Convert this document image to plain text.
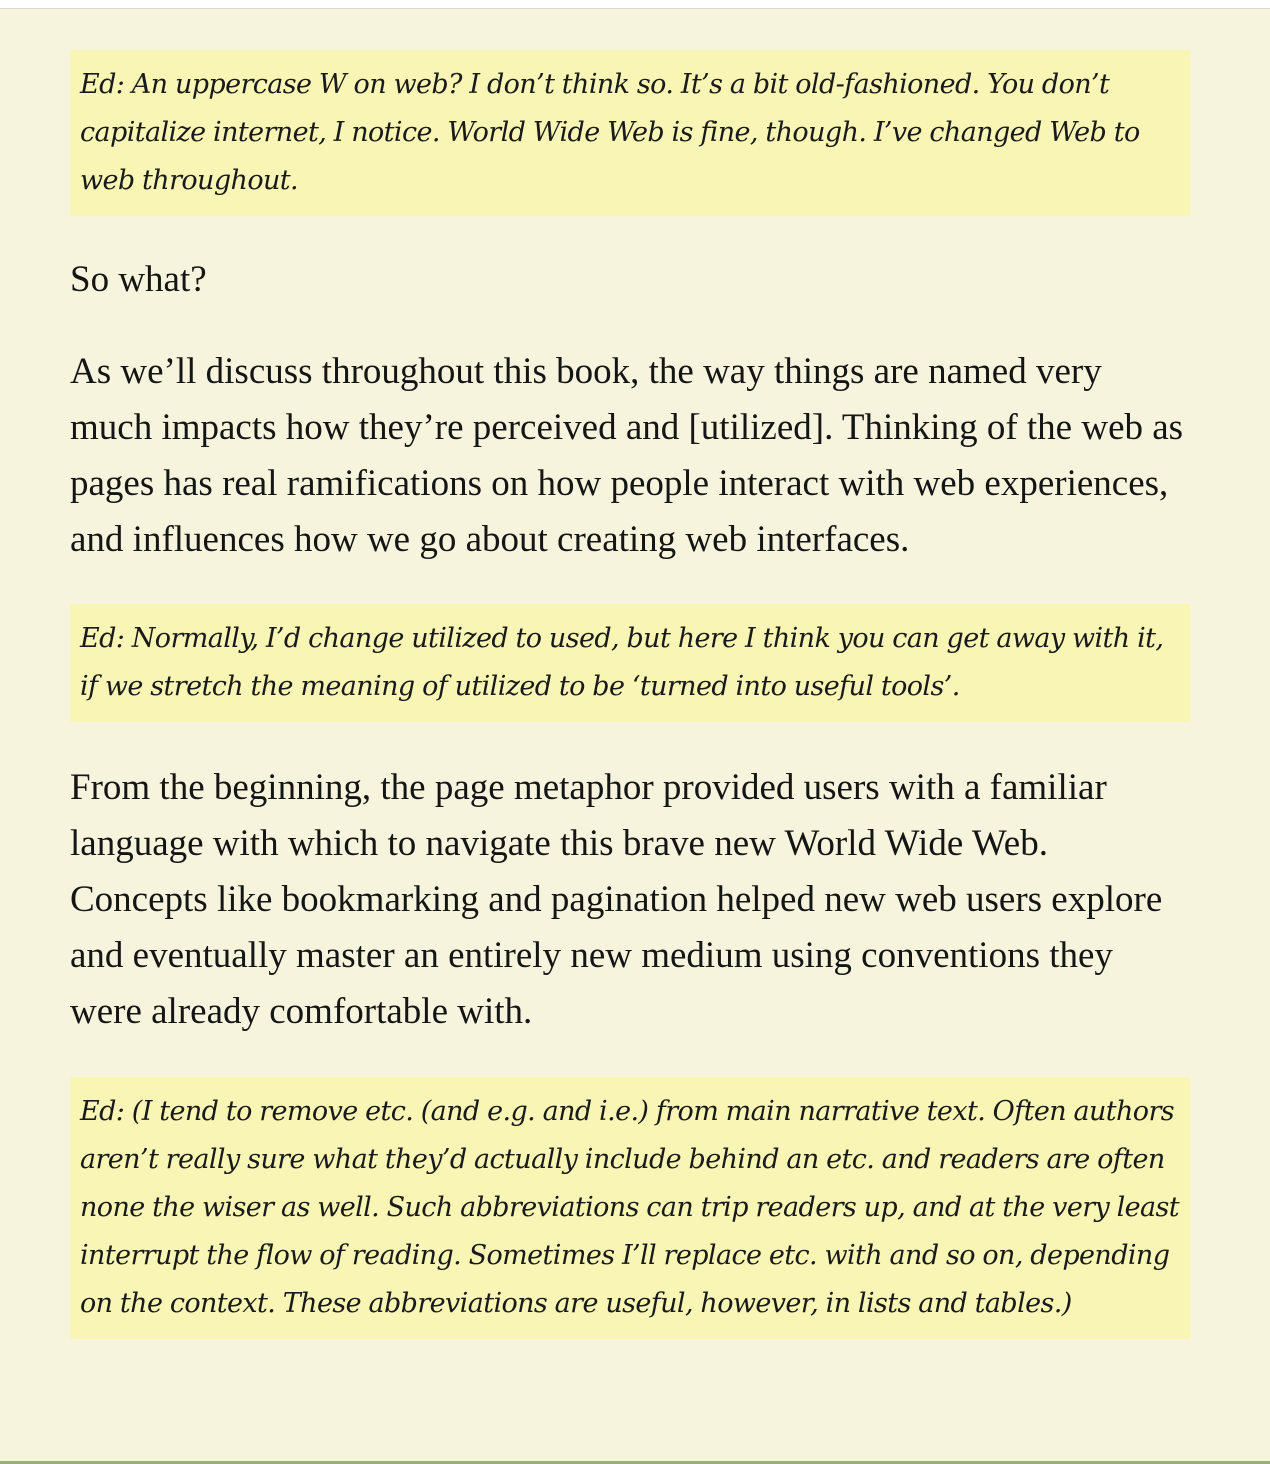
Ed: An uppercase W on web? I don’t think so. It’s a bit old-fashioned. You don’t capitalize internet, I notice. World Wide Web is fine, though. I’ve changed Web to web throughout.

So what?

As we’ll discuss throughout this book, the way things are named very much impacts how they’re perceived and [utilized]. Thinking of the web as pages has real ramifications on how people interact with web experiences, and influences how we go about creating web interfaces.

Ed: Normally, I’d change utilized to used, but here I think you can get away with it, if we stretch the meaning of utilized to be ‘turned into useful tools’.

From the beginning, the page metaphor provided users with a familiar language with which to navigate this brave new World Wide Web. Concepts like bookmarking and pagination helped new web users explore and eventually master an entirely new medium using conventions they were already comfortable with.

Ed: (I tend to remove etc. (and e.g. and i.e.) from main narrative text. Often authors aren’t really sure what they’d actually include behind an etc. and readers are often none the wiser as well. Such abbreviations can trip readers up, and at the very least interrupt the flow of reading. Sometimes I’ll replace etc. with and so on, depending on the context. These abbreviations are useful, however, in lists and tables.)
